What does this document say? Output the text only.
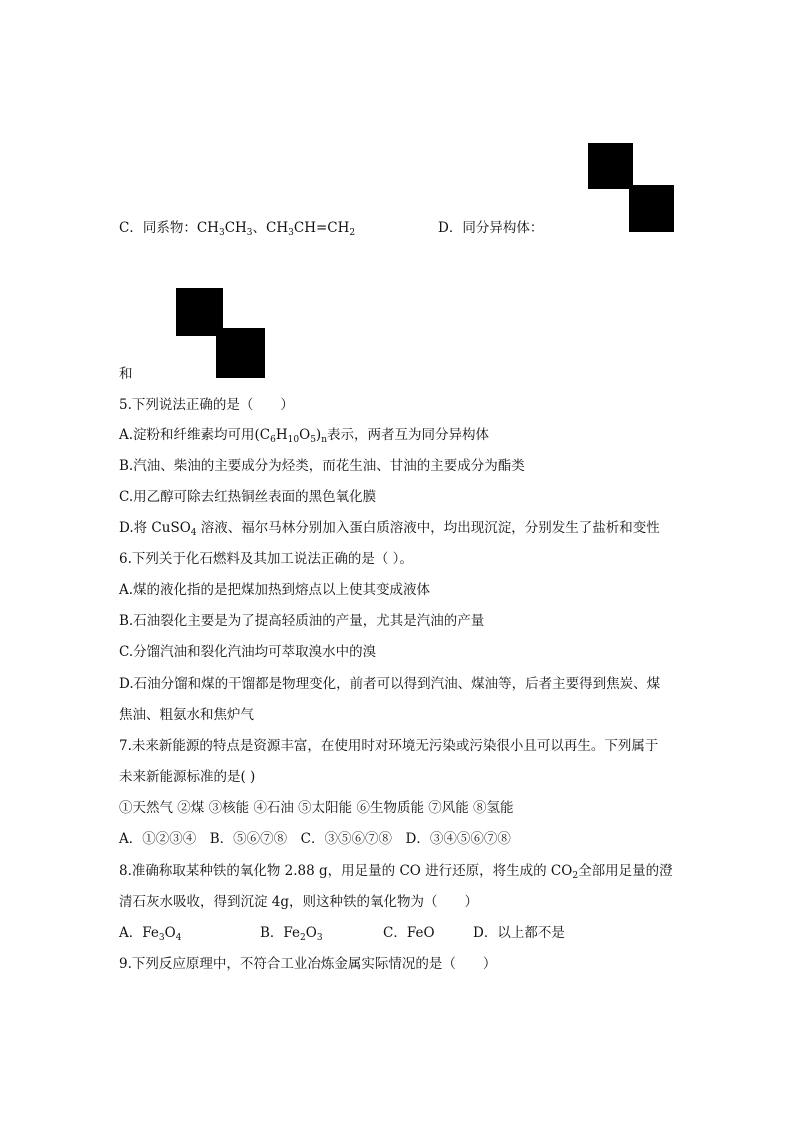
C．同系物：$CH_3CH_3$、$CH_3CH=CH_2$	D．同分异构体：
和
5.下列说法正确的是（　　）
A.淀粉和纤维素均可用$(C_6H_{10}O_5)_n$表示，两者互为同分异构体
B.汽油、柴油的主要成分为烃类，而花生油、甘油的主要成分为酯类
C.用乙醇可除去红热铜丝表面的黑色氧化膜
D.将 CuSO$_4$ 溶液、福尔马林分别加入蛋白质溶液中，均出现沉淀，分别发生了盐析和变性
6.下列关于化石燃料及其加工说法正确的是（ ）。
A.煤的液化指的是把煤加热到熔点以上使其变成液体
B.石油裂化主要是为了提高轻质油的产量，尤其是汽油的产量
C.分馏汽油和裂化汽油均可萃取溴水中的溴
D.石油分馏和煤的干馏都是物理变化，前者可以得到汽油、煤油等，后者主要得到焦炭、煤
焦油、粗氨水和焦炉气
7.未来新能源的特点是资源丰富，在使用时对环境无污染或污染很小且可以再生。下列属于
未来新能源标准的是( )
①天然气 ②煤 ③核能 ④石油 ⑤太阳能 ⑥生物质能 ⑦风能 ⑧氢能
A．①②③④　B．⑤⑥⑦⑧　C．③⑤⑥⑦⑧　D．③④⑤⑥⑦⑧
8.准确称取某种铁的氧化物 2.88 g，用足量的 CO 进行还原，将生成的 $CO_2$全部用足量的澄
清石灰水吸收，得到沉淀 4g，则这种铁的氧化物为（　　）
A．$Fe_3O_4$	B．$Fe_2O_3$	C．FeO	D．以上都不是
9.下列反应原理中，不符合工业冶炼金属实际情况的是（　　）
